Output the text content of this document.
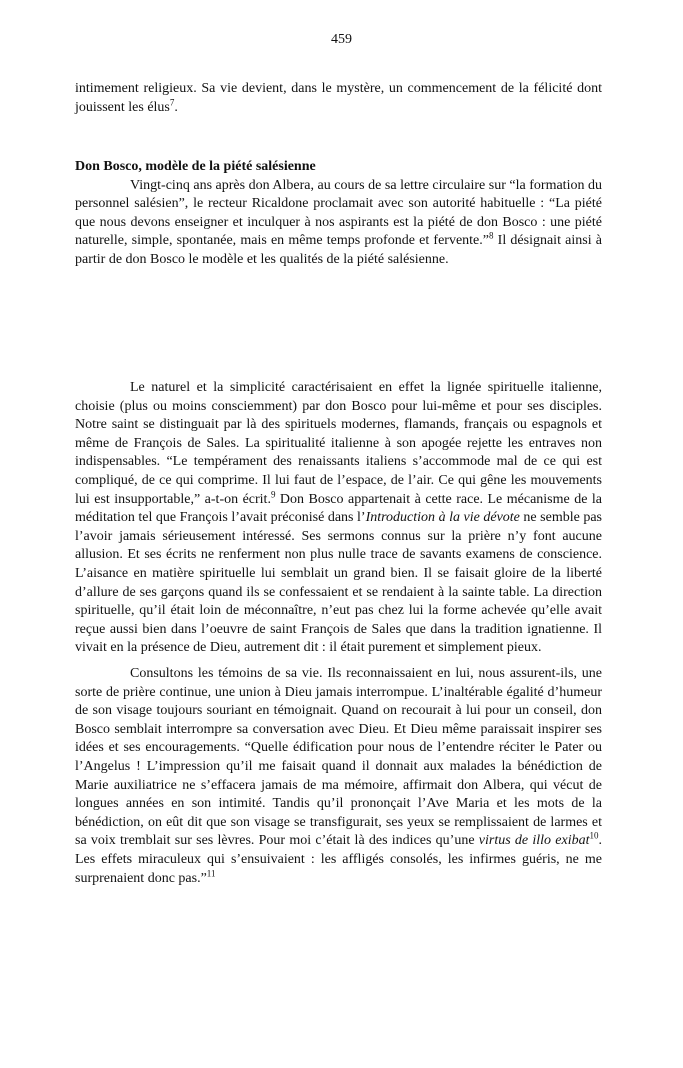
459

intimement religieux. Sa vie devient, dans le mystère, un commencement de la félicité dont jouissent les élus$^7$.

Don Bosco, modèle de la piété salésienne

Vingt-cinq ans après don Albera, au cours de sa lettre circulaire sur “la formation du personnel salésien”, le recteur Ricaldone proclamait avec son autorité habituelle : “La piété que nous devons enseigner et inculquer à nos aspirants est la piété de don Bosco : une piété naturelle, simple, spontanée, mais en même temps profonde et fervente.”$^8$ Il désignait ainsi à partir de don Bosco le modèle et les qualités de la piété salésienne.

Le naturel et la simplicité caractérisaient en effet la lignée spirituelle italienne, choisie (plus ou moins consciemment) par don Bosco pour lui-même et pour ses disciples. Notre saint se distinguait par là des spirituels modernes, flamands, français ou espagnols et même de François de Sales. La spiritualité italienne à son apogée rejette les entraves non indispensables. “Le tempérament des renaissants italiens s’accommode mal de ce qui est compliqué, de ce qui comprime. Il lui faut de l’espace, de l’air. Ce qui gêne les mouvements lui est insupportable,” a-t-on écrit.$^9$ Don Bosco appartenait à cette race. Le mécanisme de la méditation tel que François l’avait préconisé dans l’Introduction à la vie dévote ne semble pas l’avoir jamais sérieusement intéressé. Ses sermons connus sur la prière n’y font aucune allusion. Et ses écrits ne renferment non plus nulle trace de savants examens de conscience. L’aisance en matière spirituelle lui semblait un grand bien. Il se faisait gloire de la liberté d’allure de ses garçons quand ils se confessaient et se rendaient à la sainte table. La direction spirituelle, qu’il était loin de méconnaître, n’eut pas chez lui la forme achevée qu’elle avait reçue aussi bien dans l’oeuvre de saint François de Sales que dans la tradition ignatienne. Il vivait en la présence de Dieu, autrement dit : il était purement et simplement pieux.

Consultons les témoins de sa vie. Ils reconnaissaient en lui, nous assurent-ils, une sorte de prière continue, une union à Dieu jamais interrompue. L’inaltérable égalité d’humeur de son visage toujours souriant en témoignait. Quand on recourait à lui pour un conseil, don Bosco semblait interrompre sa conversation avec Dieu. Et Dieu même paraissait inspirer ses idées et ses encouragements. “Quelle édification pour nous de l’entendre réciter le Pater ou l’Angelus ! L’impression qu’il me faisait quand il donnait aux malades la bénédiction de Marie auxiliatrice ne s’effacera jamais de ma mémoire, affirmait don Albera, qui vécut de longues années en son intimité. Tandis qu’il prononçait l’Ave Maria et les mots de la bénédiction, on eût dit que son visage se transfigurait, ses yeux se remplissaient de larmes et sa voix tremblait sur ses lèvres. Pour moi c’était là des indices qu’une virtus de illo exibat$^{10}$. Les effets miraculeux qui s’ensuivaient : les affligés consolés, les infirmes guéris, ne me surprenaient donc pas.”$^{11}$
